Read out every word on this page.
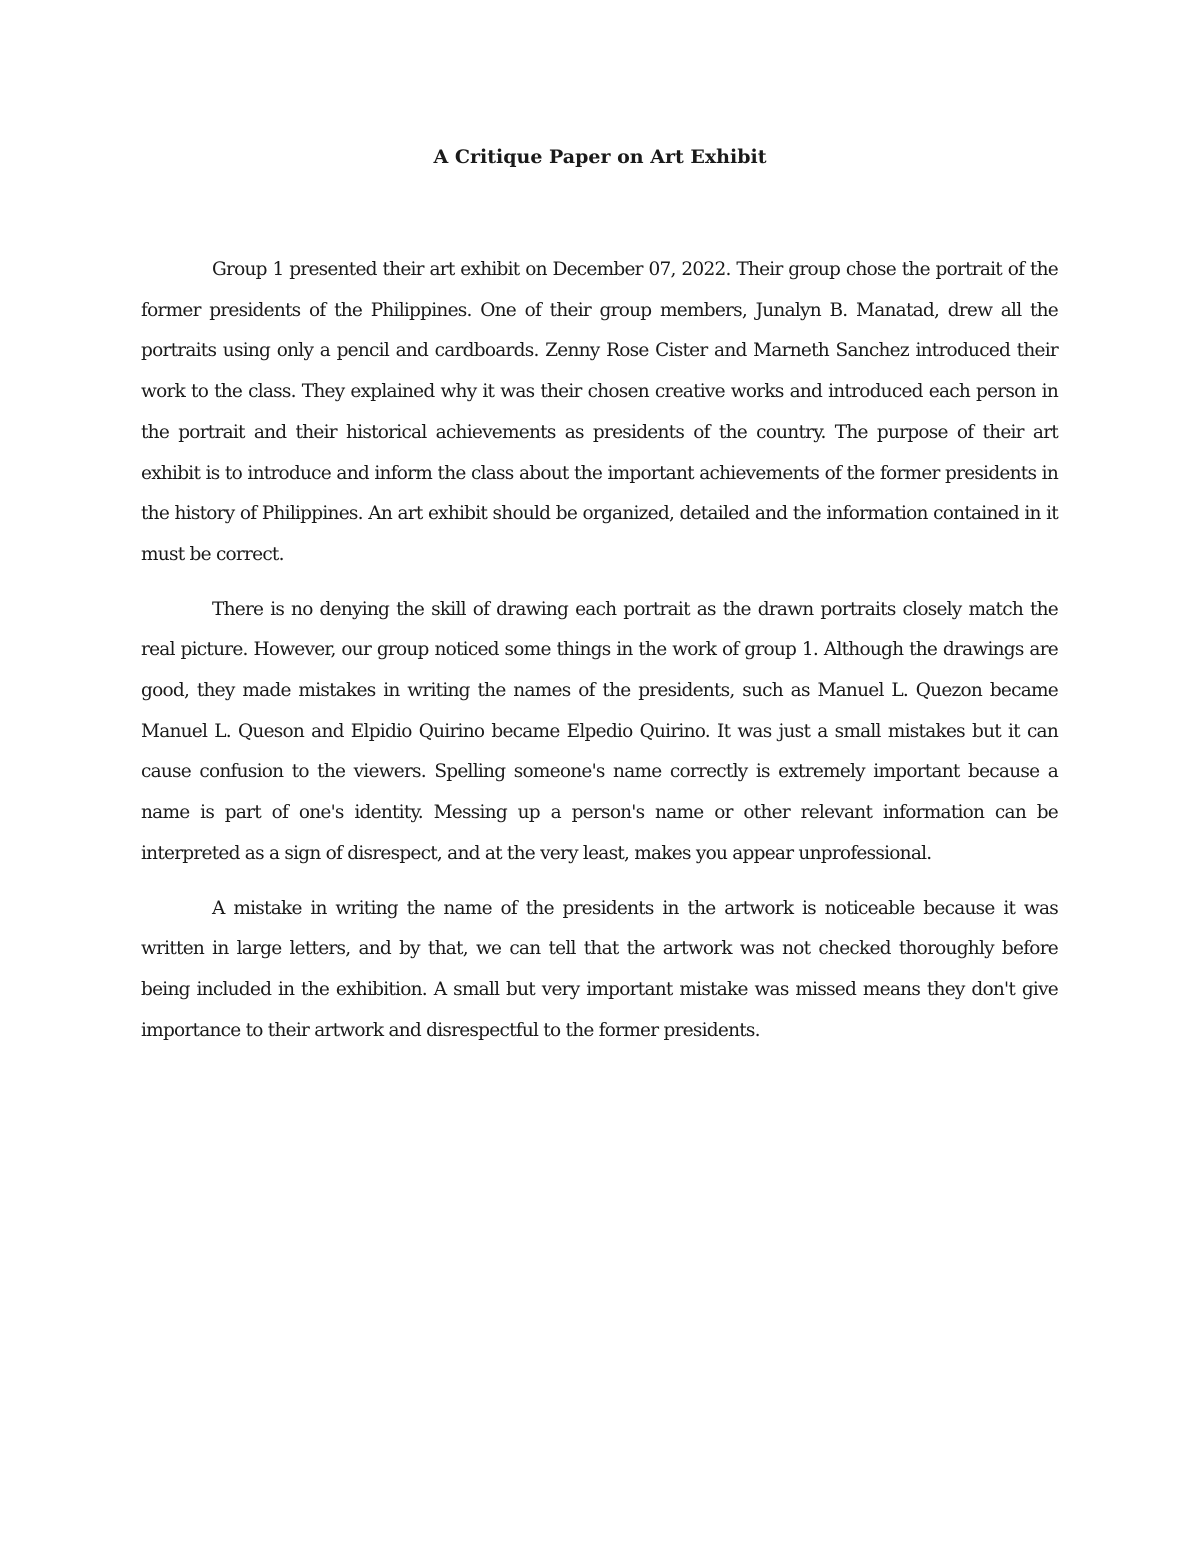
A Critique Paper on Art Exhibit

Group 1 presented their art exhibit on December 07, 2022. Their group chose the portrait of the former presidents of the Philippines. One of their group members, Junalyn B. Manatad, drew all the portraits using only a pencil and cardboards. Zenny Rose Cister and Marneth Sanchez introduced their work to the class. They explained why it was their chosen creative works and introduced each person in the portrait and their historical achievements as presidents of the country. The purpose of their art exhibit is to introduce and inform the class about the important achievements of the former presidents in the history of Philippines. An art exhibit should be organized, detailed and the information contained in it must be correct.

There is no denying the skill of drawing each portrait as the drawn portraits closely match the real picture. However, our group noticed some things in the work of group 1. Although the drawings are good, they made mistakes in writing the names of the presidents, such as Manuel L. Quezon became Manuel L. Queson and Elpidio Quirino became Elpedio Quirino. It was just a small mistakes but it can cause confusion to the viewers. Spelling someone's name correctly is extremely important because a name is part of one's identity. Messing up a person's name or other relevant information can be interpreted as a sign of disrespect, and at the very least, makes you appear unprofessional.

A mistake in writing the name of the presidents in the artwork is noticeable because it was written in large letters, and by that, we can tell that the artwork was not checked thoroughly before being included in the exhibition. A small but very important mistake was missed means they don't give importance to their artwork and disrespectful to the former presidents.
